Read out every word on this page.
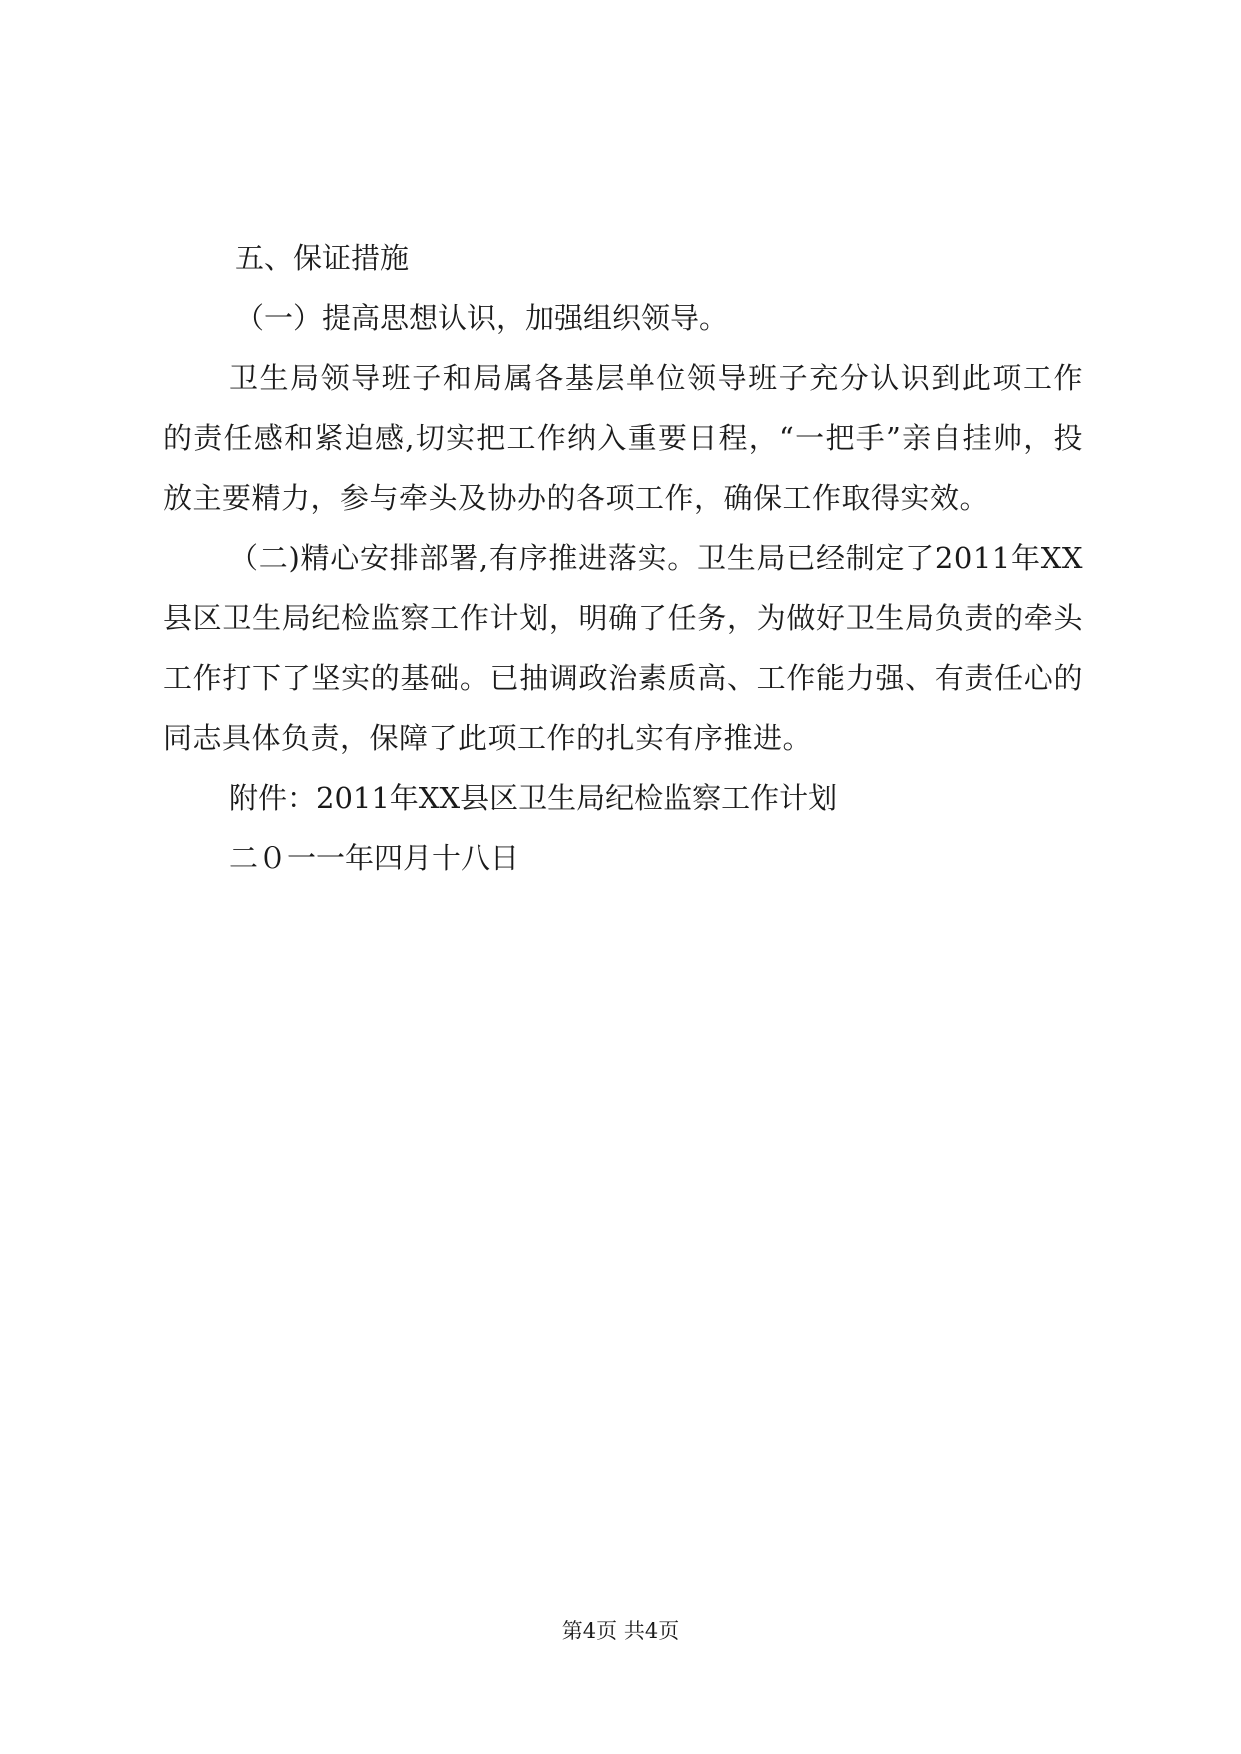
五、保证措施

（一）提高思想认识，加强组织领导。

卫生局领导班子和局属各基层单位领导班子充分认识到此项工作的责任感和紧迫感,切实把工作纳入重要日程，“一把手”亲自挂帅，投放主要精力，参与牵头及协办的各项工作，确保工作取得实效。

（二)精心安排部署,有序推进落实。卫生局已经制定了2011年XX县区卫生局纪检监察工作计划，明确了任务，为做好卫生局负责的牵头工作打下了坚实的基础。已抽调政治素质高、工作能力强、有责任心的同志具体负责，保障了此项工作的扎实有序推进。

附件：2011年XX县区卫生局纪检监察工作计划

二０一一年四月十八日

第4页 共4页
